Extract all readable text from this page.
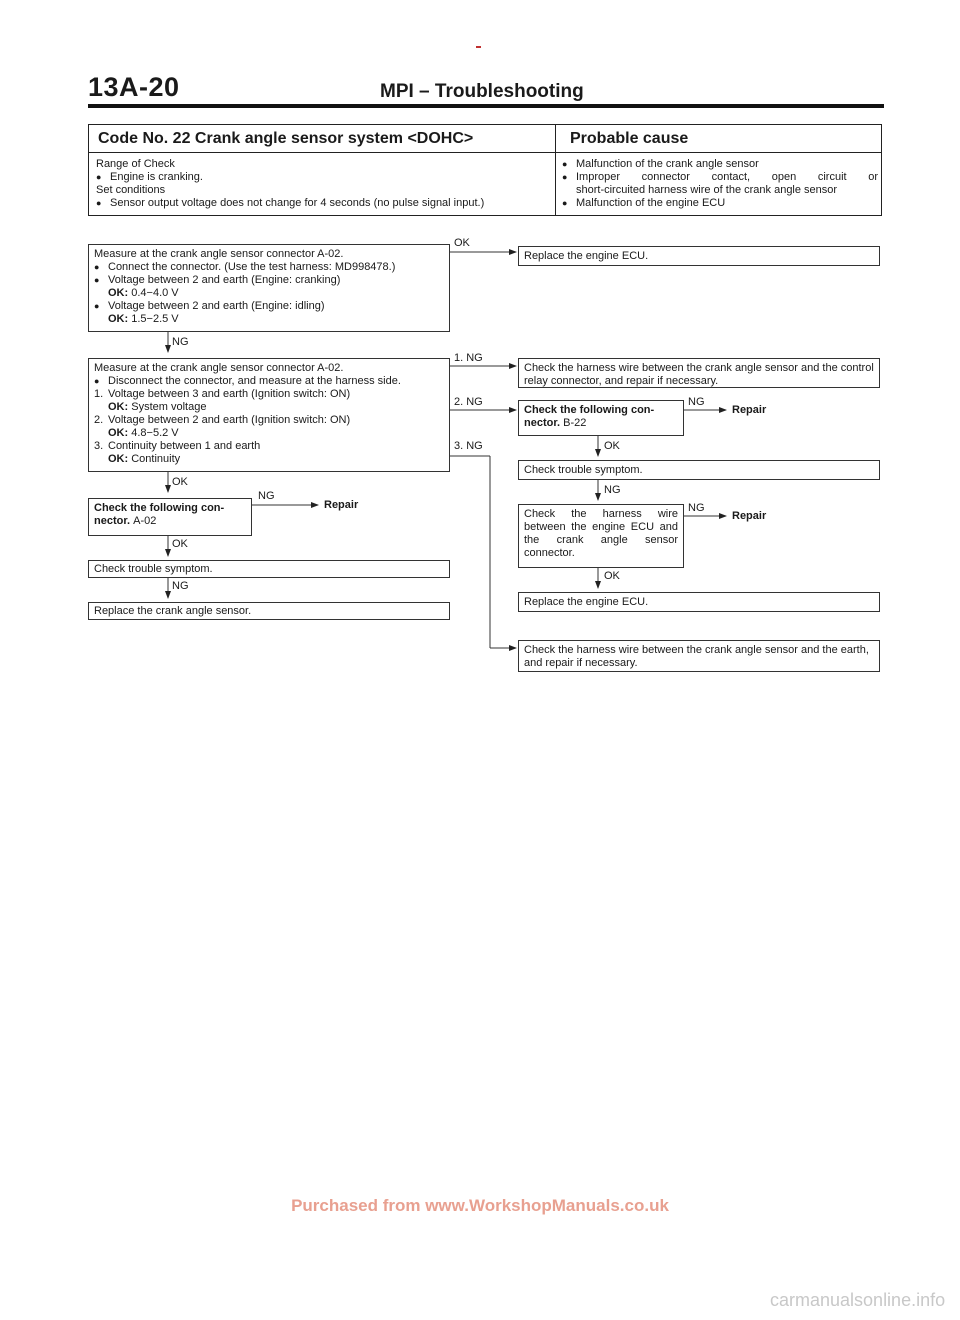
13A-20	MPI – Troubleshooting
Code No. 22 Crank angle sensor system <DOHC>	Probable cause
Range of Check
● Engine is cranking.
Set conditions
● Sensor output voltage does not change for 4 seconds (no pulse signal input.)
● Malfunction of the crank angle sensor
● Improper connector contact, open circuit or
short-circuited harness wire of the crank angle sensor
● Malfunction of the engine ECU
Measure at the crank angle sensor connector A-02.
● Connect the connector. (Use the test harness: MD998478.)
● Voltage between 2 and earth (Engine: cranking)
OK: 0.4−4.0 V
● Voltage between 2 and earth (Engine: idling)
OK: 1.5−2.5 V
Measure at the crank angle sensor connector A-02.
● Disconnect the connector, and measure at the harness side.
1. Voltage between 3 and earth (Ignition switch: ON)
OK: System voltage
2. Voltage between 2 and earth (Ignition switch: ON)
OK: 4.8−5.2 V
3. Continuity between 1 and earth
OK: Continuity
Check the following con- nector. A-02
Check trouble symptom.
Replace the crank angle sensor.
Replace the engine ECU.
Check the harness wire between the crank angle sensor and the control relay connector, and repair if necessary.
Check the following con- nector. B-22
Check trouble symptom.
Check the harness wire between the engine ECU and the crank angle sensor connector.
Replace the engine ECU.
Check the harness wire between the crank angle sensor and the earth, and repair if necessary.
OK
NG
1. NG
2. NG
3. NG
OK
NG
Repair
OK
NG
NG
Repair
OK
NG
NG
Repair
OK
Purchased from www.WorkshopManuals.co.uk
carmanualsonline.info
